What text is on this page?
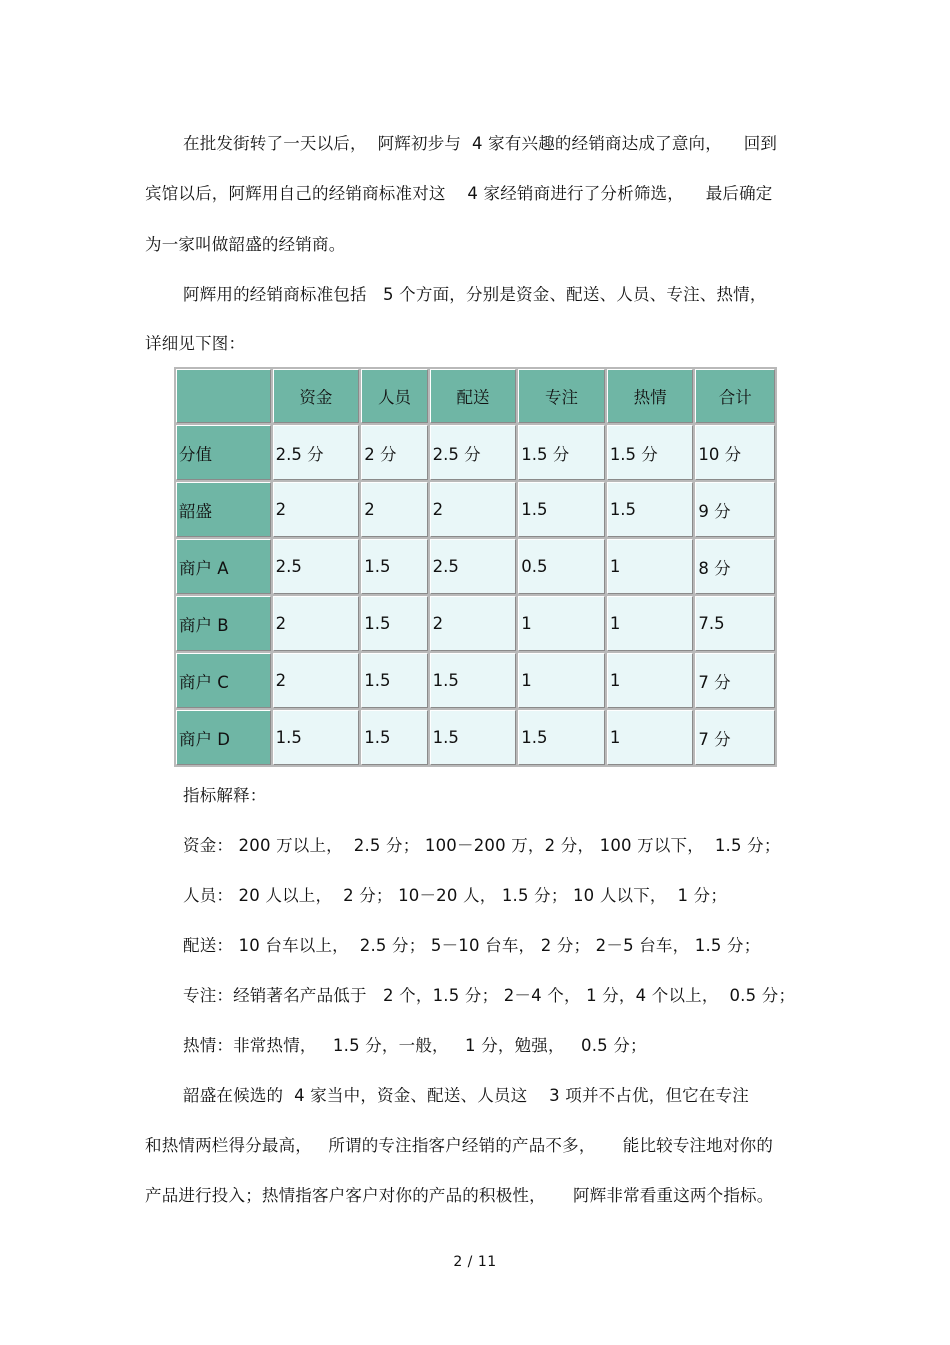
在批发街转了一天以后，  阿辉初步与  4 家有兴趣的经销商达成了意向，    回到
宾馆以后，阿辉用自己的经销商标准对这    4 家经销商进行了分析筛选，    最后确定
为一家叫做韶盛的经销商。
阿辉用的经销商标准包括   5 个方面，分别是资金、配送、人员、专注、热情，
详细见下图：
	资金	人员	配送	专注	热情	合计
分值	2.5 分	2 分	2.5 分	1.5 分	1.5 分	10 分
韶盛	2	2	2	1.5	1.5	9 分
商户 A	2.5	1.5	2.5	0.5	1	8 分
商户 B	2	1.5	2	1	1	7.5
商户 C	2	1.5	1.5	1	1	7 分
商户 D	1.5	1.5	1.5	1.5	1	7 分
指标解释：
资金： 200 万以上，  2.5 分； 100－200 万，2 分， 100 万以下，  1.5 分；
人员： 20 人以上，  2 分； 10－20 人， 1.5 分； 10 人以下，  1 分；
配送： 10 台车以上，  2.5 分； 5－10 台车， 2 分； 2－5 台车， 1.5 分；
专注：经销著名产品低于   2 个，1.5 分； 2－4 个， 1 分，4 个以上，  0.5 分；
热情：非常热情，   1.5 分，一般，   1 分，勉强，   0.5 分；
韶盛在候选的  4 家当中，资金、配送、人员这    3 项并不占优，但它在专注
和热情两栏得分最高，   所谓的专注指客户经销的产品不多，     能比较专注地对你的
产品进行投入；热情指客户客户对你的产品的积极性，     阿辉非常看重这两个指标。
2 / 11
